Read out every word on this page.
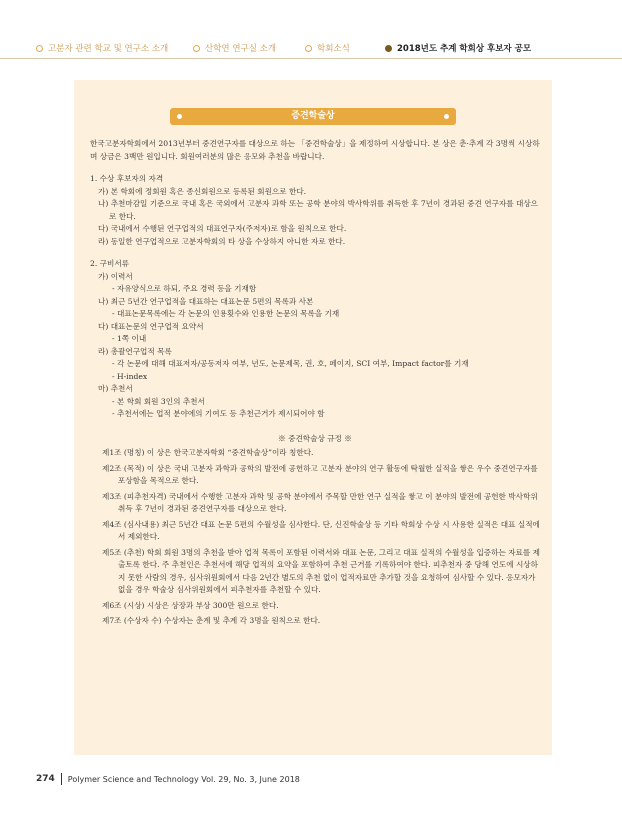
고분자 관련 학교 및 연구소 소개	산학연 연구실 소개	학회소식	2018년도 추계 학회상 후보자 공모
증견학술상

한국고분자학회에서 2013년부터 중견연구자를 대상으로 하는 「중견학술상」을 제정하여 시상합니다. 본 상은 춘·추계 각 3명씩 시상하며 상금은 3백만 원입니다. 회원여러분의 많은 응모와 추천을 바랍니다.

1. 수상 후보자의 자격

가) 본 학회에 정회원 혹은 종신회원으로 등록된 회원으로 한다.

나) 추천마감일 기준으로 국내 혹은 국외에서 고분자 과학 또는 공학 분야의 박사학위를 취득한 후 7년이 경과된 중견 연구자를 대상으로 한다.

다) 국내에서 수행된 연구업적의 대표연구자(주저자)로 함을 원칙으로 한다.

라) 동일한 연구업적으로 고분자학회의 타 상을 수상하지 아니한 자로 한다.

2. 구비서류

가) 이력서

- 자유양식으로 하되, 주요 경력 등을 기재함

나) 최근 5년간 연구업적을 대표하는 대표논문 5편의 목록과 사본

- 대표논문목록에는 각 논문의 인용횟수와 인용한 논문의 목록을 기재

다) 대표논문의 연구업적 요약서

- 1쪽 이내

라) 총괄연구업적 목록

- 각 논문에 대해 대표저자/공동저자 여부, 년도, 논문제목, 권, 호, 페이지, SCI 여부, Impact factor를 기재

- H-index

마) 추천서

- 본 학회 회원 3인의 추천서

- 추천서에는 업적 분야에의 기여도 등 추천근거가 제시되어야 함

※ 중견학술상 규정 ※

제1조 (명칭) 이 상은 한국고분자학회 “중견학술상”이라 칭한다.

제2조 (목적) 이 상은 국내 고분자 과학과 공학의 발전에 공헌하고 고분자 분야의 연구 활동에 탁월한 실적을 쌓은 우수 중견연구자를 포상함을 목적으로 한다.

제3조 (피추천자격) 국내에서 수행한 고분자 과학 및 공학 분야에서 주목할 만한 연구 실적을 쌓고 이 분야의 발전에 공헌한 박사학위 취득 후 7년이 경과된 중견연구자를 대상으로 한다.

제4조 (심사내용) 최근 5년간 대표 논문 5편의 수월성을 심사한다. 단, 신진학술상 등 기타 학회상 수상 시 사용한 실적은 대표 실적에서 제외한다.

제5조 (추천) 학회 회원 3명의 추천을 받아 업적 목록이 포함된 이력서와 대표 논문, 그리고 대표 실적의 수월성을 입증하는 자료를 제출토록 한다. 주 추천인은 추천서에 해당 업적의 요약을 포함하여 추천 근거를 기록하여야 한다. 피추천자 중 당해 연도에 시상하지 못한 사람의 경우, 심사위원회에서 다음 2년간 별도의 추천 없이 업적자료만 추가할 것을 요청하여 심사할 수 있다. 응모자가 없을 경우 학술상 심사위원회에서 피추천자를 추천할 수 있다.

제6조 (시상) 시상은 상장과 부상 300만 원으로 한다.

제7조 (수상자 수) 수상자는 춘계 및 추계 각 3명을 원칙으로 한다.

274 Polymer Science and Technology Vol. 29, No. 3, June 2018
